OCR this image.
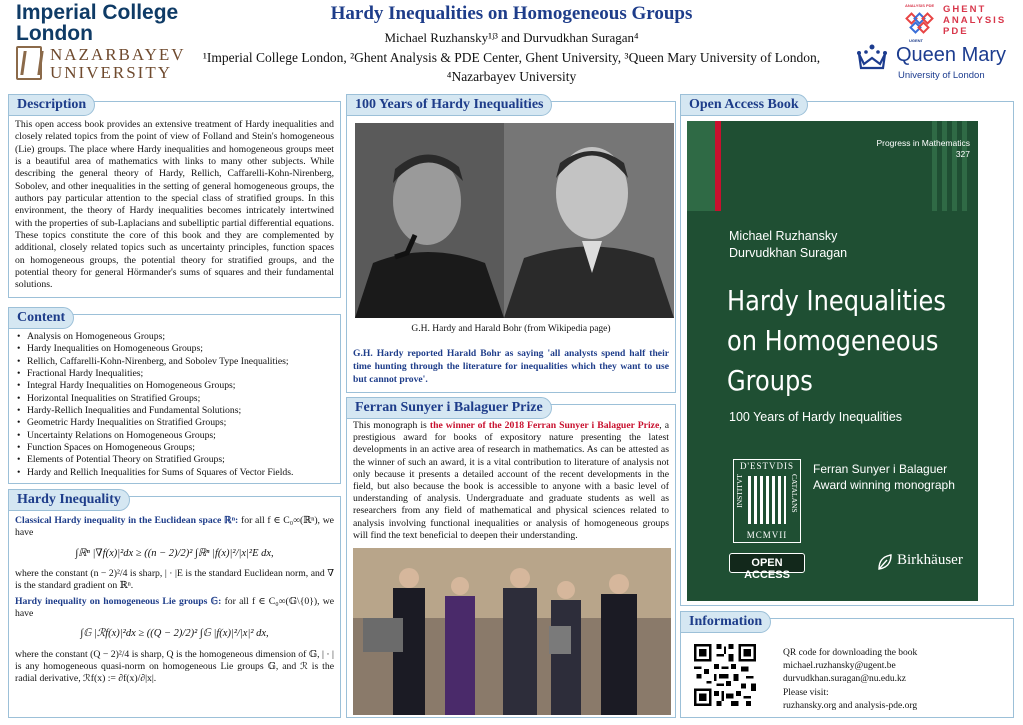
Imperial College
London
NAZARBAYEV
UNIVERSITY
Hardy Inequalities on Homogeneous Groups
Michael Ruzhansky¹ʲ³ and Durvudkhan Suragan⁴
¹Imperial College London, ²Ghent Analysis & PDE Center, Ghent University, ³Queen Mary University of London, ⁴Nazarbayev University
ANALYSIS PDE
UGENT
GHENT
ANALYSIS
PDE
Queen Mary
University of London
Description
This open access book provides an extensive treatment of Hardy inequalities and closely related topics from the point of view of Folland and Stein's homogeneous (Lie) groups. The place where Hardy inequalities and homogeneous groups meet is a beautiful area of mathematics with links to many other subjects. While describing the general theory of Hardy, Rellich, Caffarelli-Kohn-Nirenberg, Sobolev, and other inequalities in the setting of general homogeneous groups, the authors pay particular attention to the special class of stratified groups. In this environment, the theory of Hardy inequalities becomes intricately intertwined with the properties of sub-Laplacians and subelliptic partial differential equations. These topics constitute the core of this book and they are complemented by additional, closely related topics such as uncertainty principles, function spaces on homogeneous groups, the potential theory for stratified groups, and the potential theory for general Hörmander's sums of squares and their fundamental solutions.
Content
• Analysis on Homogeneous Groups;
• Hardy Inequalities on Homogeneous Groups;
• Rellich, Caffarelli-Kohn-Nirenberg, and Sobolev Type Inequalities;
• Fractional Hardy Inequalities;
• Integral Hardy Inequalities on Homogeneous Groups;
• Horizontal Inequalities on Stratified Groups;
• Hardy-Rellich Inequalities and Fundamental Solutions;
• Geometric Hardy Inequalities on Stratified Groups;
• Uncertainty Relations on Homogeneous Groups;
• Function Spaces on Homogeneous Groups;
• Elements of Potential Theory on Stratified Groups;
• Hardy and Rellich Inequalities for Sums of Squares of Vector Fields.
Hardy Inequality
Classical Hardy inequality in the Euclidean space ℝⁿ: for all f ∈ C₀∞(ℝⁿ), we have
∫ℝⁿ |∇f(x)|²dx ≥ ((n − 2)/2)² ∫ℝⁿ |f(x)|²/|x|²E dx,
where the constant (n − 2)²/4 is sharp, | · |E is the standard Euclidean norm, and ∇ is the standard gradient on ℝⁿ.
Hardy inequality on homogeneous Lie groups 𝔾: for all f ∈ C₀∞(𝔾\{0}), we have
∫𝔾 |ℛf(x)|²dx ≥ ((Q − 2)/2)² ∫𝔾 |f(x)|²/|x|² dx,
where the constant (Q − 2)²/4 is sharp, Q is the homogeneous dimension of 𝔾, | · | is any homogeneous quasi-norm on homogeneous Lie groups 𝔾, and ℛ is the radial derivative, ℛf(x) := ∂f(x)/∂|x|.
100 Years of Hardy Inequalities
G.H. Hardy and Harald Bohr (from Wikipedia page)
G.H. Hardy reported Harald Bohr as saying 'all analysts spend half their time hunting through the literature for inequalities which they want to use but cannot prove'.
Ferran Sunyer i Balaguer Prize
This monograph is the winner of the 2018 Ferran Sunyer i Balaguer Prize, a prestigious award for books of expository nature presenting the latest developments in an active area of research in mathematics. As can be attested as the winner of such an award, it is a vital contribution to literature of analysis not only because it presents a detailed account of the recent developments in the field, but also because the book is accessible to anyone with a basic level of understanding of analysis. Undergraduate and graduate students as well as researchers from any field of mathematical and physical sciences related to analysis involving functional inequalities or analysis of homogeneous groups will find the text beneficial to deepen their understanding.
Open Access Book
Progress in Mathematics
327
Michael Ruzhansky
Durvudkhan Suragan
Hardy Inequalities
on Homogeneous
Groups
100 Years of Hardy Inequalities
D'ESTVDIS
INSTITVT	CATALANS
MCMVII
Ferran Sunyer i Balaguer
Award winning monograph
OPEN ACCESS
Birkhäuser
Information
QR code for downloading the book
michael.ruzhansky@ugent.be
durvudkhan.suragan@nu.edu.kz
Please visit:
ruzhansky.org and analysis-pde.org
